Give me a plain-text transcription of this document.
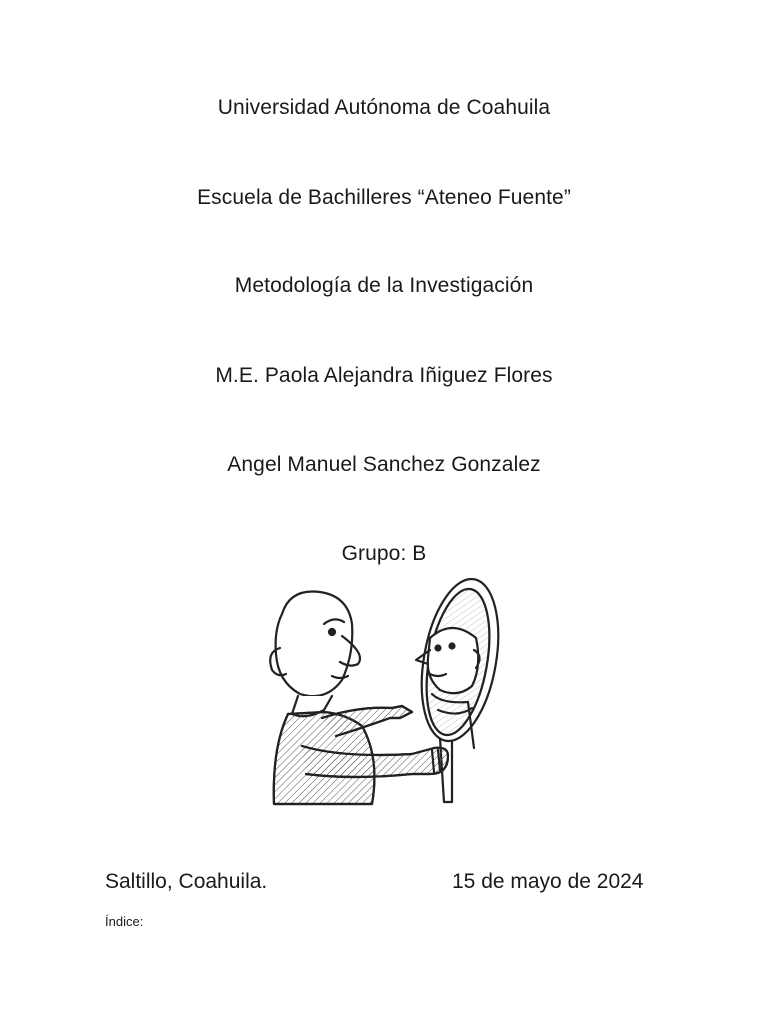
Universidad Autónoma de Coahuila
Escuela de Bachilleres “Ateneo Fuente”
Metodología de la Investigación
M.E. Paola Alejandra Iñiguez Flores
Angel Manuel Sanchez Gonzalez
Grupo: B
Saltillo, Coahuila.	15 de mayo de 2024
Índice:
